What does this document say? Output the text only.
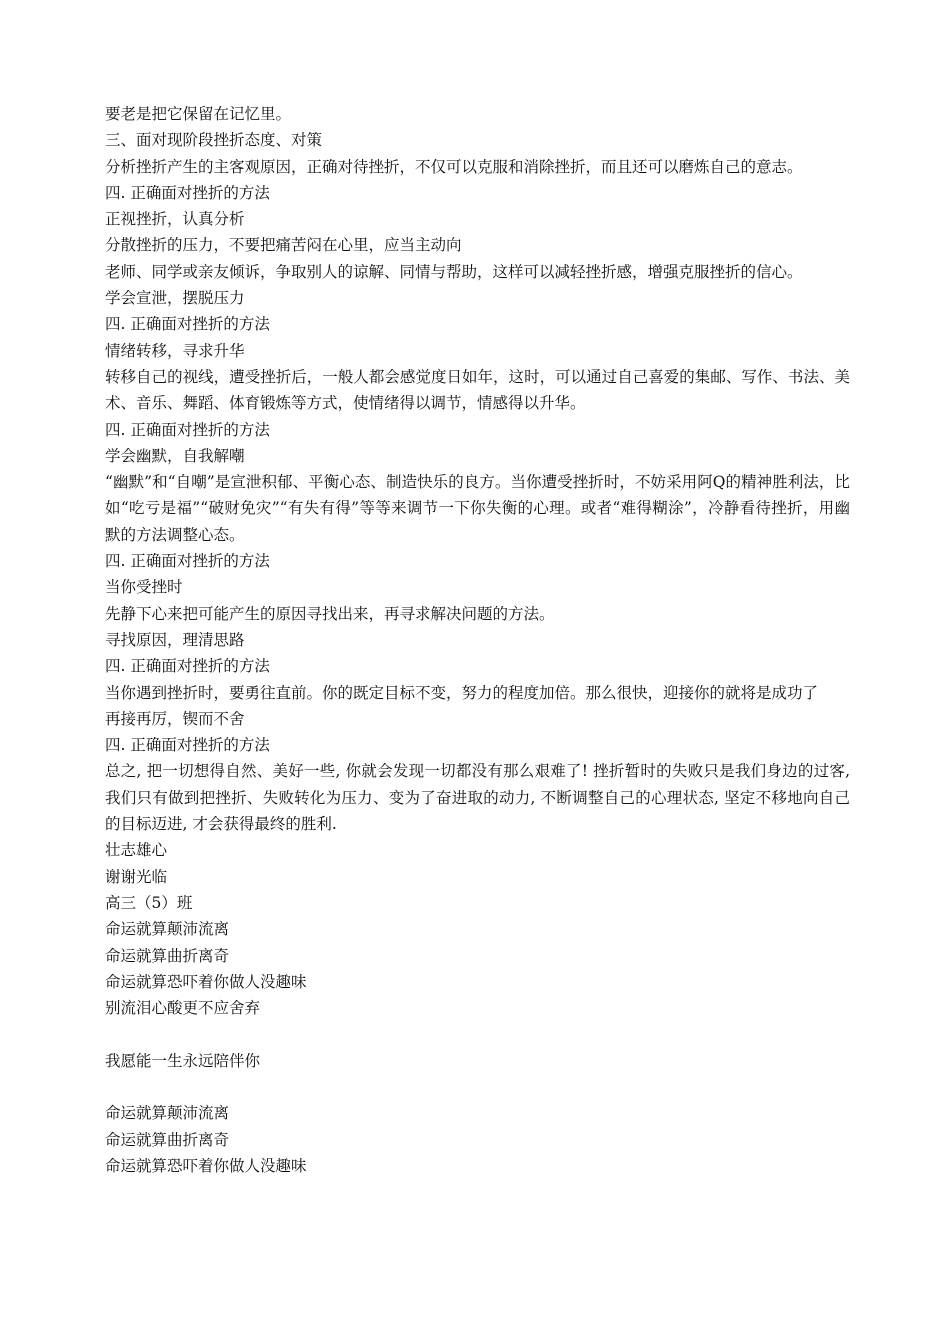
要老是把它保留在记忆里。

三、面对现阶段挫折态度、对策

分析挫折产生的主客观原因，正确对待挫折，不仅可以克服和消除挫折，而且还可以磨炼自己的意志。

四. 正确面对挫折的方法

正视挫折，认真分析

分散挫折的压力，不要把痛苦闷在心里，应当主动向

老师、同学或亲友倾诉，争取别人的谅解、同情与帮助，这样可以减轻挫折感，增强克服挫折的信心。

学会宣泄，摆脱压力

四. 正确面对挫折的方法

情绪转移，寻求升华

转移自己的视线，遭受挫折后，一般人都会感觉度日如年，这时，可以通过自己喜爱的集邮、写作、书法、美术、音乐、舞蹈、体育锻炼等方式，使情绪得以调节，情感得以升华。

四. 正确面对挫折的方法

学会幽默，自我解嘲

“幽默”和“自嘲”是宣泄积郁、平衡心态、制造快乐的良方。当你遭受挫折时，不妨采用阿Q的精神胜利法，比如“吃亏是福”“破财免灾”“有失有得”等等来调节一下你失衡的心理。或者“难得糊涂”，冷静看待挫折，用幽默的方法调整心态。

四. 正确面对挫折的方法

当你受挫时

先静下心来把可能产生的原因寻找出来，再寻求解决问题的方法。

寻找原因，理清思路

四. 正确面对挫折的方法

当你遇到挫折时，要勇往直前。你的既定目标不变，努力的程度加倍。那么很快，迎接你的就将是成功了

再接再厉，锲而不舍

四. 正确面对挫折的方法

总之, 把一切想得自然、美好一些, 你就会发现一切都没有那么艰难了! 挫折暂时的失败只是我们身边的过客, 我们只有做到把挫折、失败转化为压力、变为了奋进取的动力, 不断调整自己的心理状态, 坚定不移地向自己的目标迈进, 才会获得最终的胜利.

壮志雄心

谢谢光临

高三（5）班

命运就算颠沛流离

命运就算曲折离奇

命运就算恐吓着你做人没趣味

别流泪心酸更不应舍弃

我愿能一生永远陪伴你

命运就算颠沛流离

命运就算曲折离奇

命运就算恐吓着你做人没趣味
